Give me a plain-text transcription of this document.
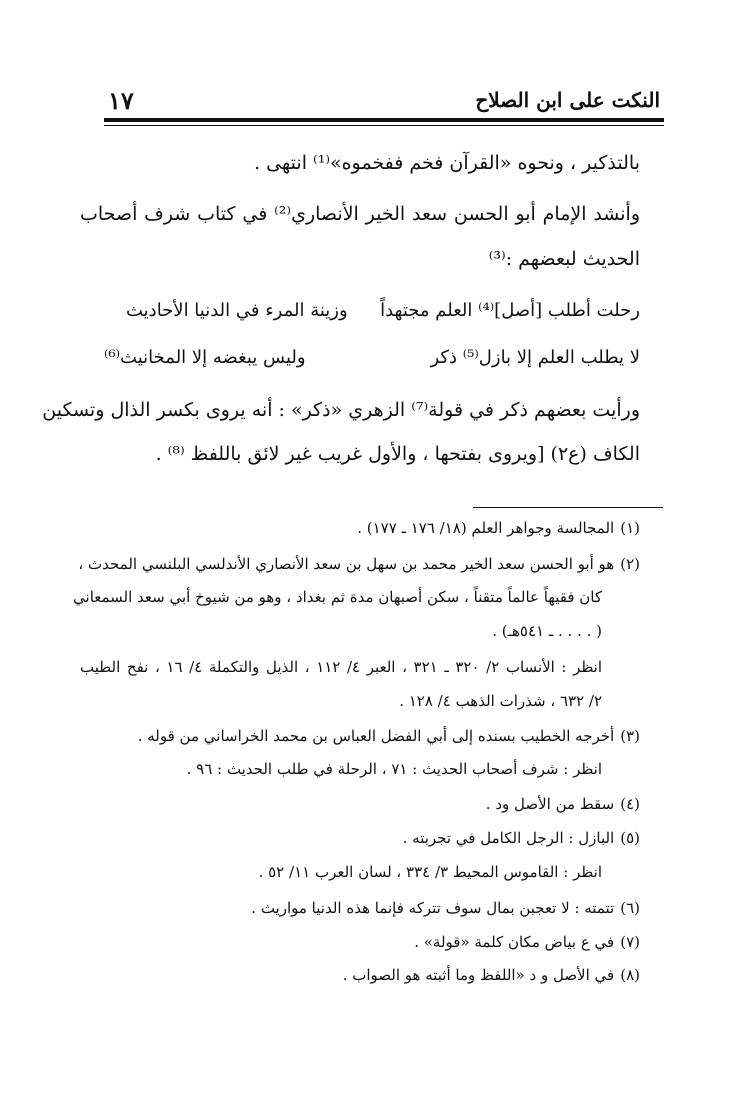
النكت على ابن الصلاح
١٧
بالتذكير ، ونحوه «القرآن فخم ففخموه»⁽¹⁾ انتهى .
وأنشد الإمام أبو الحسن سعد الخير الأنصاري⁽²⁾ في كتاب شرف أصحاب
الحديث لبعضهم :⁽³⁾
رحلت أطلب [أصل]⁽⁴⁾ العلم مجتهداً
وزينة المرء في الدنيا الأحاديث
لا يطلب العلم إلا بازل⁽⁵⁾ ذكر
وليس يبغضه إلا المخانيث⁽⁶⁾
ورأيت بعضهم ذكر في قولة⁽⁷⁾ الزهري «ذكر» : أنه يروى بكسر الذال وتسكين
الكاف (ع٢) [ويروى بفتحها ، والأول غريب غير لائق باللفظ ⁽⁸⁾ .
(١)المجالسة وجواهر العلم (١٨/ ١٧٦ ـ ١٧٧) .
(٢)هو أبو الحسن سعد الخير محمد بن سهل بن سعد الأنصاري الأندلسي البلنسي المحدث ،
كان فقيهاً عالماً متقناً ، سكن أصبهان مدة ثم بغداد ، وهو من شيوخ أبي سعد السمعاني
( . . . . ـ ٥٤١هـ) .
انظر : الأنساب ٢/ ٣٢٠ ـ ٣٢١ ، العبر ٤/ ١١٢ ، الذيل والتكملة ٤/ ١٦ ، نفح الطيب
٢/ ٦٣٢ ، شذرات الذهب ٤/ ١٢٨ .
(٣)أخرجه الخطيب بسنده إلى أبي الفضل العباس بن محمد الخراساني من قوله .
انظر : شرف أصحاب الحديث : ٧١ ، الرحلة في طلب الحديث : ٩٦ .
(٤)سقط من الأصل ود .
(٥)البازل : الرجل الكامل في تجربته .
انظر : القاموس المحيط ٣/ ٣٣٤ ، لسان العرب ١١/ ٥٢ .
(٦)تتمته : لا تعجبن بمال سوف تتركه فإنما هذه الدنيا مواريث .
(٧)في ع بياض مكان كلمة «قولة» .
(٨)في الأصل و د «اللفظ وما أثبته هو الصواب .
